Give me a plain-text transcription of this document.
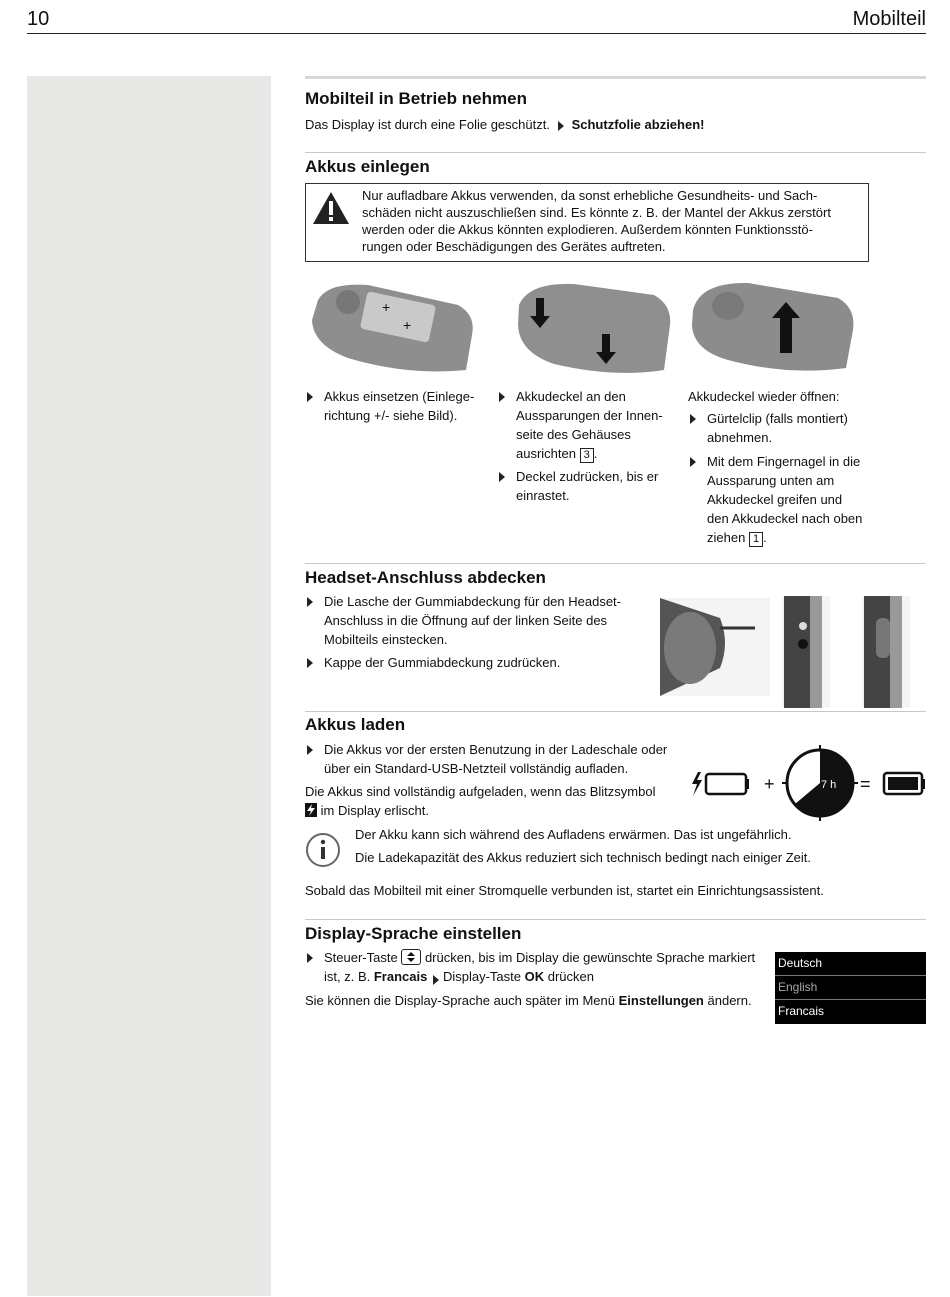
10	Mobilteil
Mobilteil in Betrieb nehmen
Das Display ist durch eine Folie geschützt. Schutzfolie abziehen!
Akkus einlegen
Nur aufladbare Akkus verwenden, da sonst erhebliche Gesundheits- und Sach-
schäden nicht auszuschließen sind. Es könnte z. B. der Mantel der Akkus zerstört
werden oder die Akkus könnten explodieren. Außerdem könnten Funktionsstö-
rungen oder Beschädigungen des Gerätes auftreten.
+
+
Akkus einsetzen (Einlege-
richtung +/- siehe Bild).
Akkudeckel an den
Aussparungen der Innen-
seite des Gehäuses
ausrichten 3 .
Deckel zudrücken, bis er
einrastet.
Akkudeckel wieder öffnen:
Gürtelclip (falls montiert)
abnehmen.
Mit dem Fingernagel in die
Aussparung unten am
Akkudeckel greifen und
den Akkudeckel nach oben
ziehen 1 .
Headset-Anschluss abdecken
Die Lasche der Gummiabdeckung für den Headset-
Anschluss in die Öffnung auf der linken Seite des
Mobilteils einstecken.
Kappe der Gummiabdeckung zudrücken.
Akkus laden
Die Akkus vor der ersten Benutzung in der Ladeschale oder
über ein Standard-USB-Netzteil vollständig aufladen.
Die Akkus sind vollständig aufgeladen, wenn das Blitzsymbol
im Display erlischt.
+	7 h =
Der Akku kann sich während des Aufladens erwärmen. Das ist ungefährlich.
Die Ladekapazität des Akkus reduziert sich technisch bedingt nach einiger Zeit.
Sobald das Mobilteil mit einer Stromquelle verbunden ist, startet ein Einrichtungsassistent.
Display-Sprache einstellen
Steuer-Taste drücken, bis im Display die gewünschte Sprache markiert
ist, z. B. Francais Display-Taste OK drücken
Sie können die Display-Sprache auch später im Menü Einstellungen ändern.
Deutsch
English
Francais
